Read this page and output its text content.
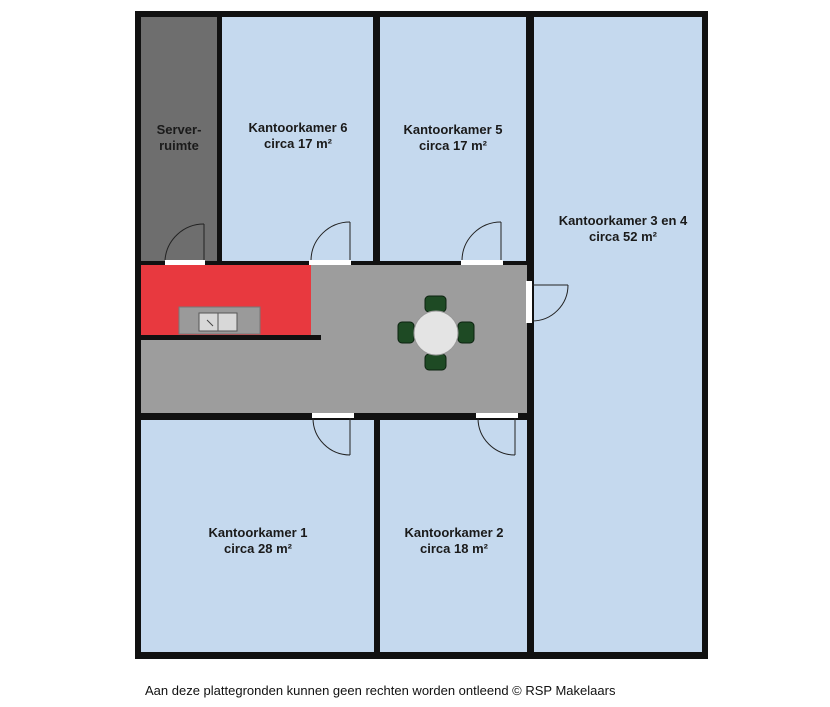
Server-
ruimte
Kantoorkamer 6
circa 17 m²
Kantoorkamer 5
circa 17 m²
Kantoorkamer 3 en 4
circa 52 m²
Kantoorkamer 1
circa 28 m²
Kantoorkamer 2
circa 18 m²
Aan deze plattegronden kunnen geen rechten worden ontleend © RSP Makelaars
